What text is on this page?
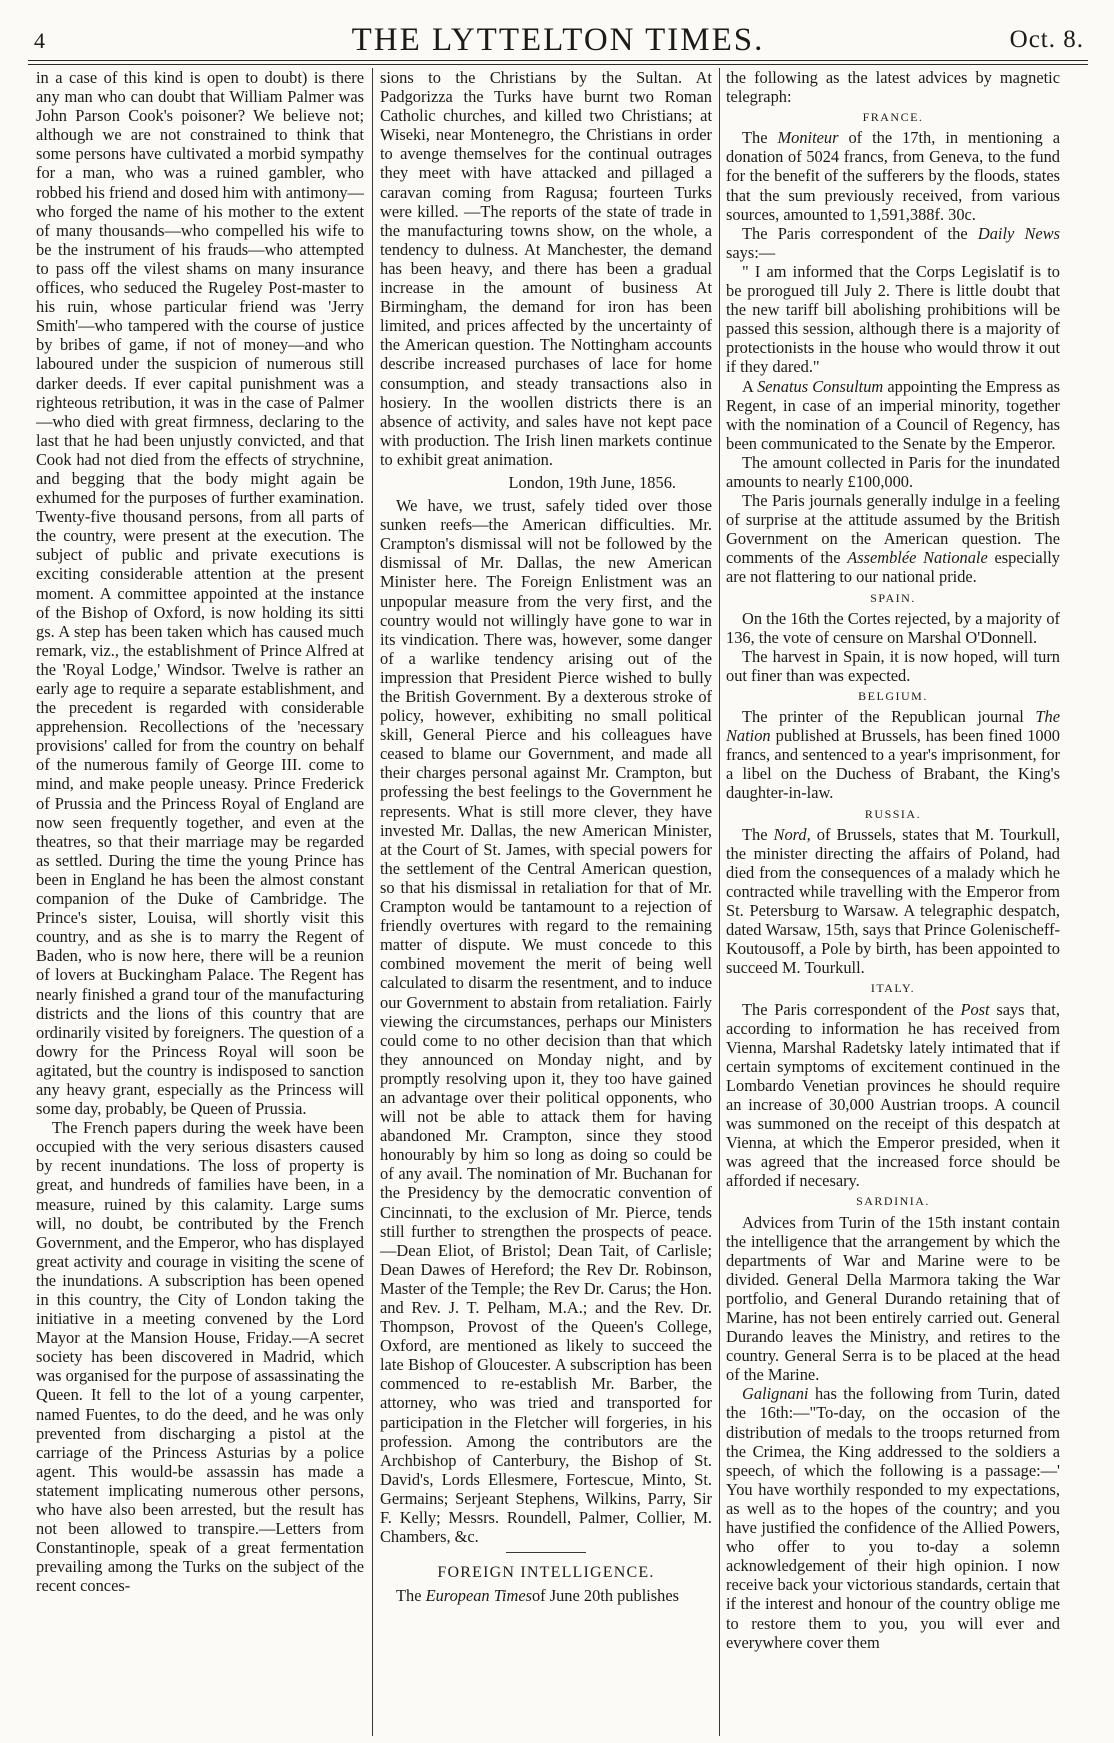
4	THE LYTTELTON TIMES.	Oct. 8.

in a case of this kind is open to doubt) is there any man who can doubt that William Palmer was John Parson Cook's poisoner? We believe not; although we are not constrained to think that some persons have cultivated a morbid sympathy for a man, who was a ruined gambler, who robbed his friend and dosed him with antimony—who forged the name of his mother to the extent of many thousands—who compelled his wife to be the instrument of his frauds—who attempted to pass off the vilest shams on many insurance offices, who seduced the Rugeley Post-master to his ruin, whose particular friend was 'Jerry Smith'—who tampered with the course of justice by bribes of game, if not of money—and who laboured under the suspicion of numerous still darker deeds. If ever capital punishment was a righteous retribution, it was in the case of Palmer—who died with great firmness, declaring to the last that he had been unjustly convicted, and that Cook had not died from the effects of strychnine, and begging that the body might again be exhumed for the purposes of further examination. Twenty-five thousand persons, from all parts of the country, were present at the execution. The subject of public and private executions is exciting considerable attention at the present moment. A committee appointed at the instance of the Bishop of Oxford, is now holding its sitti gs. A step has been taken which has caused much remark, viz., the establishment of Prince Alfred at the 'Royal Lodge,' Windsor. Twelve is rather an early age to require a separate establishment, and the precedent is regarded with considerable apprehension. Recollections of the 'necessary provisions' called for from the country on behalf of the numerous family of George III. come to mind, and make people uneasy. Prince Frederick of Prussia and the Princess Royal of England are now seen frequently together, and even at the theatres, so that their marriage may be regarded as settled. During the time the young Prince has been in England he has been the almost constant companion of the Duke of Cambridge. The Prince's sister, Louisa, will shortly visit this country, and as she is to marry the Regent of Baden, who is now here, there will be a reunion of lovers at Buckingham Palace. The Regent has nearly finished a grand tour of the manufacturing districts and the lions of this country that are ordinarily visited by foreigners. The question of a dowry for the Princess Royal will soon be agitated, but the country is indisposed to sanction any heavy grant, especially as the Princess will some day, probably, be Queen of Prussia.

The French papers during the week have been occupied with the very serious disasters caused by recent inundations. The loss of property is great, and hundreds of families have been, in a measure, ruined by this calamity. Large sums will, no doubt, be contributed by the French Government, and the Emperor, who has displayed great activity and courage in visiting the scene of the inundations. A subscription has been opened in this country, the City of London taking the initiative in a meeting convened by the Lord Mayor at the Mansion House, Friday.—A secret society has been discovered in Madrid, which was organised for the purpose of assassinating the Queen. It fell to the lot of a young carpenter, named Fuentes, to do the deed, and he was only prevented from discharging a pistol at the carriage of the Princess Asturias by a police agent. This would-be assassin has made a statement implicating numerous other persons, who have also been arrested, but the result has not been allowed to transpire.—Letters from Constantinople, speak of a great fermentation prevailing among the Turks on the subject of the recent conces-

sions to the Christians by the Sultan. At Padgorizza the Turks have burnt two Roman Catholic churches, and killed two Christians; at Wiseki, near Montenegro, the Christians in order to avenge themselves for the continual outrages they meet with have attacked and pillaged a caravan coming from Ragusa; fourteen Turks were killed. —The reports of the state of trade in the manufacturing towns show, on the whole, a tendency to dulness. At Manchester, the demand has been heavy, and there has been a gradual increase in the amount of business At Birmingham, the demand for iron has been limited, and prices affected by the uncertainty of the American question. The Nottingham accounts describe increased purchases of lace for home consumption, and steady transactions also in hosiery. In the woollen districts there is an absence of activity, and sales have not kept pace with production. The Irish linen markets continue to exhibit great animation.

London, 19th June, 1856.

We have, we trust, safely tided over those sunken reefs—the American difficulties. Mr. Crampton's dismissal will not be followed by the dismissal of Mr. Dallas, the new American Minister here. The Foreign Enlistment was an unpopular measure from the very first, and the country would not willingly have gone to war in its vindication. There was, however, some danger of a warlike tendency arising out of the impression that President Pierce wished to bully the British Government. By a dexterous stroke of policy, however, exhibiting no small political skill, General Pierce and his colleagues have ceased to blame our Government, and made all their charges personal against Mr. Crampton, but professing the best feelings to the Government he represents. What is still more clever, they have invested Mr. Dallas, the new American Minister, at the Court of St. James, with special powers for the settlement of the Central American question, so that his dismissal in retaliation for that of Mr. Crampton would be tantamount to a rejection of friendly overtures with regard to the remaining matter of dispute. We must concede to this combined movement the merit of being well calculated to disarm the resentment, and to induce our Government to abstain from retaliation. Fairly viewing the circumstances, perhaps our Ministers could come to no other decision than that which they announced on Monday night, and by promptly resolving upon it, they too have gained an advantage over their political opponents, who will not be able to attack them for having abandoned Mr. Crampton, since they stood honourably by him so long as doing so could be of any avail. The nomination of Mr. Buchanan for the Presidency by the democratic convention of Cincinnati, to the exclusion of Mr. Pierce, tends still further to strengthen the prospects of peace.—Dean Eliot, of Bristol; Dean Tait, of Carlisle; Dean Dawes of Hereford; the Rev Dr. Robinson, Master of the Temple; the Rev Dr. Carus; the Hon. and Rev. J. T. Pelham, M.A.; and the Rev. Dr. Thompson, Provost of the Queen's College, Oxford, are mentioned as likely to succeed the late Bishop of Gloucester. A subscription has been commenced to re-establish Mr. Barber, the attorney, who was tried and transported for participation in the Fletcher will forgeries, in his profession. Among the contributors are the Archbishop of Canterbury, the Bishop of St. David's, Lords Ellesmere, Fortescue, Minto, St. Germains; Serjeant Stephens, Wilkins, Parry, Sir F. Kelly; Messrs. Roundell, Palmer, Collier, M. Chambers, &c.

FOREIGN INTELLIGENCE.

The European Timesof June 20th publishes

the following as the latest advices by magnetic telegraph:

FRANCE.

The Moniteur of the 17th, in mentioning a donation of 5024 francs, from Geneva, to the fund for the benefit of the sufferers by the floods, states that the sum previously received, from various sources, amounted to 1,591,388f. 30c.

The Paris correspondent of the Daily News says:—

" I am informed that the Corps Legislatif is to be prorogued till July 2. There is little doubt that the new tariff bill abolishing prohibitions will be passed this session, although there is a majority of protectionists in the house who would throw it out if they dared."

A Senatus Consultum appointing the Empress as Regent, in case of an imperial minority, together with the nomination of a Council of Regency, has been communicated to the Senate by the Emperor.

The amount collected in Paris for the inundated amounts to nearly £100,000.

The Paris journals generally indulge in a feeling of surprise at the attitude assumed by the British Government on the American question. The comments of the Assemblée Nationale especially are not flattering to our national pride.

SPAIN.

On the 16th the Cortes rejected, by a majority of 136, the vote of censure on Marshal O'Donnell.

The harvest in Spain, it is now hoped, will turn out finer than was expected.

BELGIUM.

The printer of the Republican journal The Nation published at Brussels, has been fined 1000 francs, and sentenced to a year's imprisonment, for a libel on the Duchess of Brabant, the King's daughter-in-law.

RUSSIA.

The Nord, of Brussels, states that M. Tourkull, the minister directing the affairs of Poland, had died from the consequences of a malady which he contracted while travelling with the Emperor from St. Petersburg to Warsaw. A telegraphic despatch, dated Warsaw, 15th, says that Prince Golenischeff-Koutousoff, a Pole by birth, has been appointed to succeed M. Tourkull.

ITALY.

The Paris correspondent of the Post says that, according to information he has received from Vienna, Marshal Radetsky lately intimated that if certain symptoms of excitement continued in the Lombardo Venetian provinces he should require an increase of 30,000 Austrian troops. A council was summoned on the receipt of this despatch at Vienna, at which the Emperor presided, when it was agreed that the increased force should be afforded if necesary.

SARDINIA.

Advices from Turin of the 15th instant contain the intelligence that the arrangement by which the departments of War and Marine were to be divided. General Della Marmora taking the War portfolio, and General Durando retaining that of Marine, has not been entirely carried out. General Durando leaves the Ministry, and retires to the country. General Serra is to be placed at the head of the Marine.

Galignani has the following from Turin, dated the 16th:—"To-day, on the occasion of the distribution of medals to the troops returned from the Crimea, the King addressed to the soldiers a speech, of which the following is a passage:—' You have worthily responded to my expectations, as well as to the hopes of the country; and you have justified the confidence of the Allied Powers, who offer to you to-day a solemn acknowledgement of their high opinion. I now receive back your victorious standards, certain that if the interest and honour of the country oblige me to restore them to you, you will ever and everywhere cover them
